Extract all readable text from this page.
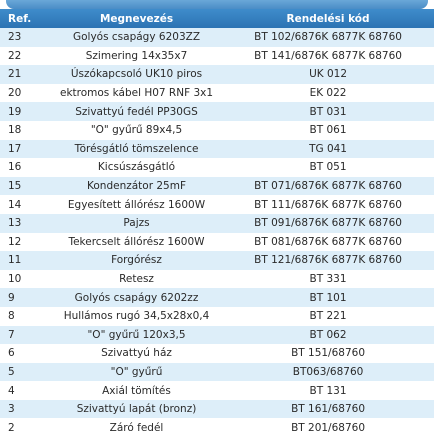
Ref.	Megnevezés	Rendelési kód
23	Golyós csapágy 6203ZZ	BT 102/6876K 6877K 68760
22	Szimering 14x35x7	BT 141/6876K 6877K 68760
21	Úszókapcsoló UK10 piros	UK 012
20	ektromos kábel H07 RNF 3x1	EK 022
19	Szivattyú fedél PP30GS	BT 031
18	"O" gyűrű 89x4,5	BT 061
17	Törésgátló tömszelence	TG 041
16	Kicsúszásgátló	BT 051
15	Kondenzátor 25mF	BT 071/6876K 6877K 68760
14	Egyesített állórész 1600W	BT 111/6876K 6877K 68760
13	Pajzs	BT 091/6876K 6877K 68760
12	Tekercselt állórész 1600W	BT 081/6876K 6877K 68760
11	Forgórész	BT 121/6876K 6877K 68760
10	Retesz	BT 331
9	Golyós csapágy 6202zz	BT 101
8	Hullámos rugó 34,5x28x0,4	BT 221
7	"O" gyűrű 120x3,5	BT 062
6	Szivattyú ház	BT 151/68760
5	"O" gyűrű	BT063/68760
4	Axiál tömítés	BT 131
3	Szivattyú lapát (bronz)	BT 161/68760
2	Záró fedél	BT 201/68760
